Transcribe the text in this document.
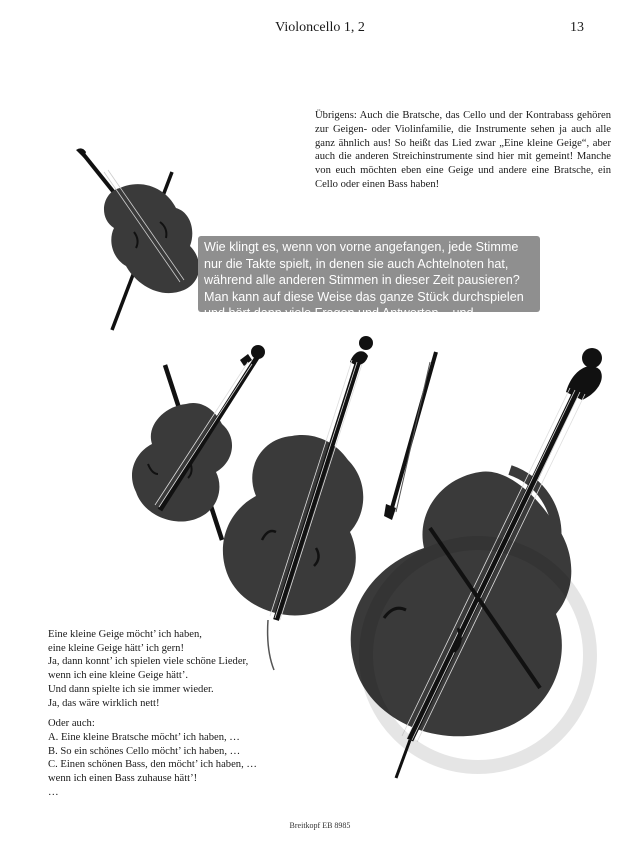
Violoncello 1, 2	13

Übrigens: Auch die Bratsche, das Cello und der Kontrabass gehören zur Geigen- oder Violinfamilie, die Instrumente sehen ja auch alle ganz ähnlich aus! So heißt das Lied zwar „Eine kleine Geige“, aber auch die anderen Streichinstrumente sind hier mit gemeint! Manche von euch möchten eben eine Geige und andere eine Bratsche, ein Cello oder einen Bass haben!

Wie klingt es, wenn von vorne angefangen, jede Stimme nur die Takte spielt, in denen sie auch Achtelnoten hat, während alle anderen Stimmen in dieser Zeit pausieren? Man kann auf diese Weise das ganze Stück durchspielen und hört dann viele Fragen und Antworten – und manchmal hört man niemanden spielen.
Eine kleine Geige möcht’ ich haben,
eine kleine Geige hätt’ ich gern!
Ja, dann konnt’ ich spielen viele schöne Lieder,
wenn ich eine kleine Geige hätt’.
Und dann spielte ich sie immer wieder.
Ja, das wäre wirklich nett!
Oder auch:
A. Eine kleine Bratsche möcht’ ich haben, …
B. So ein schönes Cello möcht’ ich haben, …
C. Einen schönen Bass, den möcht’ ich haben, …
wenn ich einen Bass zuhause hätt’!
…
Breitkopf EB 8985
